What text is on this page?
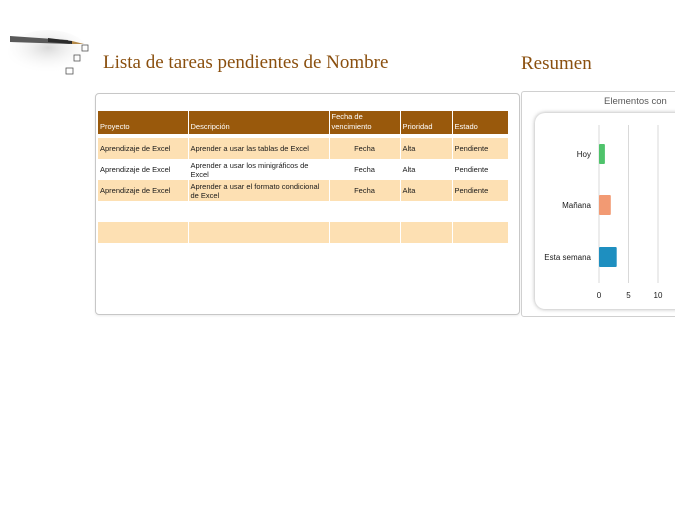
Lista de tareas pendientes de Nombre	Resumen
Proyecto	Descripción	Fecha de vencimiento	Prioridad	Estado

Aprendizaje de Excel	Aprender a usar las tablas de Excel	Fecha	Alta	Pendiente
Aprendizaje de Excel	Aprender a usar los minigráficos de Excel	Fecha	Alta	Pendiente
Aprendizaje de Excel	Aprender a usar el formato condicional de Excel	Fecha	Alta	Pendiente

Elementos con
0	5	10
Hoy
Mañana
Esta semana
